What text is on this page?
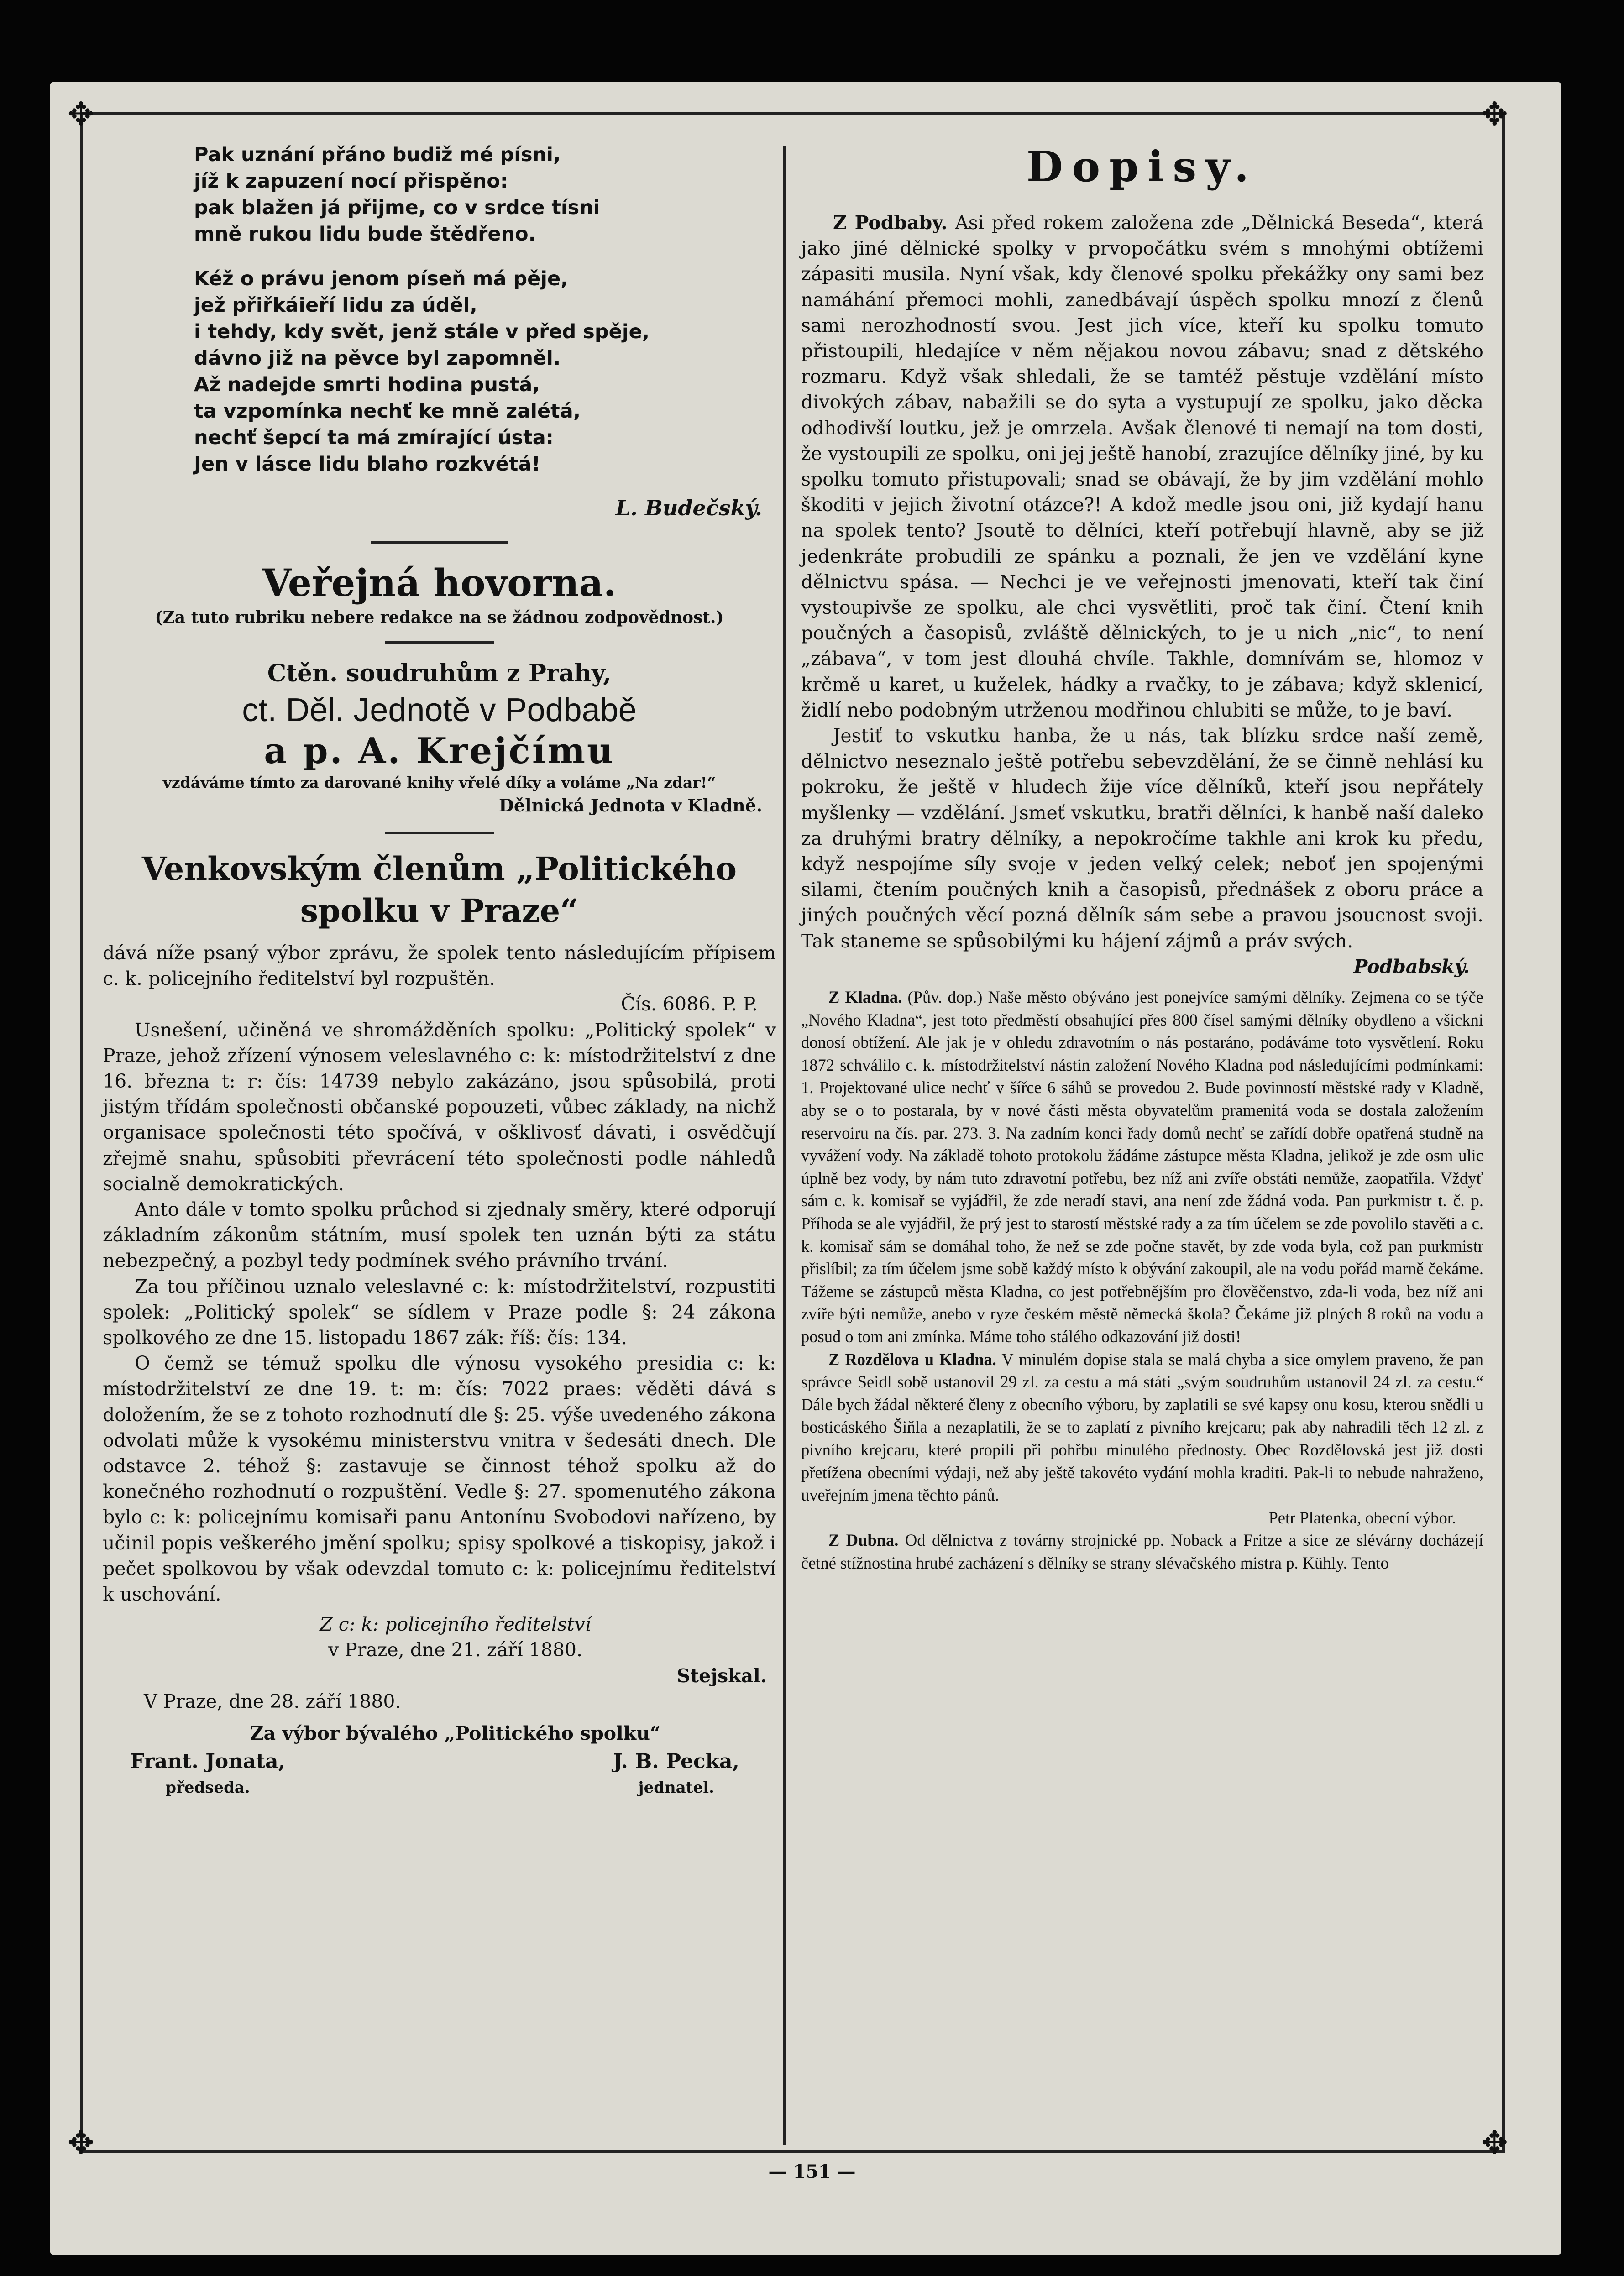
✥	✥
✥	✥

Pak uznání přáno budiž mé písni,

jíž k zapuzení nocí přispěno:

pak blažen já přijme, co v srdce tísni

mně rukou lidu bude štědřeno.

Kéž o právu jenom píseň má pěje,

jež přiřkáieří lidu za úděl,

i tehdy, kdy svět, jenž stále v před spěje,

dávno již na pěvce byl zapomněl.

Až nadejde smrti hodina pustá,

ta vzpomínka nechť ke mně zalétá,

nechť šepcí ta má zmírající ústa:

Jen v lásce lidu blaho rozkvétá!

L. Budečský.

Veřejná hovorna.

(Za tuto rubriku nebere redakce na se žádnou zodpovědnost.)

Ctěn. soudruhům z Prahy,

ct. Děl. Jednotě v Podbabě

a p. A. Krejčímu

vzdáváme tímto za darované knihy vřelé díky a voláme „Na zdar!“

Dělnická Jednota v Kladně.

Venkovským členům „Politického
spolku v Praze“

dává níže psaný výbor zprávu, že spolek tento následujícím přípisem c. k. policejního ředitelství byl rozpuštěn.

Čís. 6086. P. P.

Usnešení, učiněná ve shromážděních spolku: „Politický spolek“ v Praze, jehož zřízení výnosem veleslavného c: k: místodržitelství z dne 16. března t: r: čís: 14739 nebylo zakázáno, jsou spůsobilá, proti jistým třídám společnosti občanské popouzeti, vůbec základy, na nichž organisace společnosti této spočívá, v ošklivosť dávati, i osvědčují zřejmě snahu, spůsobiti převrácení této společnosti podle náhledů socialně demokratických.

Anto dále v tomto spolku průchod si zjednaly směry, které odporují základním zákonům státním, musí spolek ten uznán býti za státu nebezpečný, a pozbyl tedy podmínek svého právního trvání.

Za tou příčinou uznalo veleslavné c: k: místodržitelství, rozpustiti spolek: „Politický spolek“ se sídlem v Praze podle §: 24 zákona spolkového ze dne 15. listopadu 1867 zák: říš: čís: 134.

O čemž se témuž spolku dle výnosu vysokého presidia c: k: místodržitelství ze dne 19. t: m: čís: 7022 praes: věděti dává s doložením, že se z tohoto rozhodnutí dle §: 25. výše uvedeného zákona odvolati může k vysokému ministerstvu vnitra v šedesáti dnech. Dle odstavce 2. téhož §: zastavuje se činnost téhož spolku až do konečného rozhodnutí o rozpuštění. Vedle §: 27. spomenutého zákona bylo c: k: policejnímu komisaři panu Antonínu Svobodovi nařízeno, by učinil popis veškerého jmění spolku; spisy spolkové a tiskopisy, jakož i pečet spolkovou by však odevzdal tomuto c: k: policejnímu ředitelství k uschování.

Z c: k: policejního ředitelství

v Praze, dne 21. září 1880.

Stejskal.

V Praze, dne 28. září 1880.

Za výbor bývalého „Politického spolku“

Frant. Jonata,
předseda.
J. B. Pecka,
jednatel.
Dopisy.

Z Podbaby. Asi před rokem založena zde „Dělnická Beseda“, která jako jiné dělnické spolky v prvopočátku svém s mnohými obtížemi zápasiti musila. Nyní však, kdy členové spolku překážky ony sami bez namáhání přemoci mohli, zanedbávají úspěch spolku mnozí z členů sami nerozhodností svou. Jest jich více, kteří ku spolku tomuto přistoupili, hledajíce v něm nějakou novou zábavu; snad z dětského rozmaru. Když však shledali, že se tamtéž pěstuje vzdělání místo divokých zábav, nabažili se do syta a vystupují ze spolku, jako děcka odhodivší loutku, jež je omrzela. Avšak členové ti nemají na tom dosti, že vystoupili ze spolku, oni jej ještě hanobí, zrazujíce dělníky jiné, by ku spolku tomuto přistupovali; snad se obávají, že by jim vzdělání mohlo škoditi v jejich životní otázce?! A kdož medle jsou oni, již kydají hanu na spolek tento? Jsoutě to dělníci, kteří potřebují hlavně, aby se již jedenkráte probudili ze spánku a poznali, že jen ve vzdělání kyne dělnictvu spása. — Nechci je ve veřejnosti jmenovati, kteří tak činí vystoupivše ze spolku, ale chci vysvětliti, proč tak činí. Čtení knih poučných a časopisů, zvláště dělnických, to je u nich „nic“, to není „zábava“, v tom jest dlouhá chvíle. Takhle, domnívám se, hlomoz v krčmě u karet, u kuželek, hádky a rvačky, to je zábava; když sklenicí, židlí nebo podobným utrženou modřinou chlubiti se může, to je baví.

Jestiť to vskutku hanba, že u nás, tak blízku srdce naší země, dělnictvo neseznalo ještě potřebu sebevzdělání, že se činně nehlásí ku pokroku, že ještě v hludech žije více dělníků, kteří jsou nepřátely myšlenky — vzdělání. Jsmeť vskutku, bratři dělníci, k hanbě naší daleko za druhými bratry dělníky, a nepokročíme takhle ani krok ku předu, když nespojíme síly svoje v jeden velký celek; neboť jen spojenými silami, čtením poučných knih a časopisů, přednášek z oboru práce a jiných poučných věcí pozná dělník sám sebe a pravou jsoucnost svoji. Tak staneme se spůsobilými ku hájení zájmů a práv svých.

Podbabský.

Z Kladna. (Pův. dop.) Naše město obýváno jest ponejvíce samými dělníky. Zejmena co se týče „Nového Kladna“, jest toto předměstí obsahující přes 800 čísel samými dělníky obydleno a všickni donosí obtížení. Ale jak je v ohledu zdravotním o nás postaráno, podáváme toto vysvětlení. Roku 1872 schválilo c. k. místodržitelství nástin založení Nového Kladna pod následujícími podmínkami: 1. Projektované ulice nechť v šířce 6 sáhů se provedou 2. Bude povinností městské rady v Kladně, aby se o to postarala, by v nové části města obyvatelům pramenitá voda se dostala založením reservoiru na čís. par. 273. 3. Na zadním konci řady domů nechť se zařídí dobře opatřená studně na vyvážení vody. Na základě tohoto protokolu žádáme zástupce města Kladna, jelikož je zde osm ulic úplně bez vody, by nám tuto zdravotní potřebu, bez níž ani zvíře obstáti nemůže, zaopatřila. Vždyť sám c. k. komisař se vyjádřil, že zde neradí stavi, ana není zde žádná voda. Pan purkmistr t. č. p. Příhoda se ale vyjádřil, že prý jest to starostí městské rady a za tím účelem se zde povolilo stavěti a c. k. komisař sám se domáhal toho, že než se zde počne stavět, by zde voda byla, což pan purkmistr přislíbil; za tím účelem jsme sobě každý místo k obývání zakoupil, ale na vodu pořád marně čekáme. Tážeme se zástupců města Kladna, co jest potřebnějším pro člověčenstvo, zda-li voda, bez níž ani zvíře býti nemůže, anebo v ryze českém městě německá škola? Čekáme již plných 8 roků na vodu a posud o tom ani zmínka. Máme toho stálého odkazování již dosti!

Z Rozdělova u Kladna. V minulém dopise stala se malá chyba a sice omylem praveno, že pan správce Seidl sobě ustanovil 29 zl. za cestu a má státi „svým soudruhům ustanovil 24 zl. za cestu.“ Dále bych žádal některé členy z obecního výboru, by zaplatili se své kapsy onu kosu, kterou snědli u bosticáského Šiňla a nezaplatili, že se to zaplatí z pivního krejcaru; pak aby nahradili těch 12 zl. z pivního krejcaru, které propili při pohřbu minulého přednosty. Obec Rozdělovská jest již dosti přetížena obecními výdaji, než aby ještě takovéto vydání mohla kraditi. Pak-li to nebude nahraženo, uveřejním jmena těchto pánů.

Petr Platenka, obecní výbor.

Z Dubna. Od dělnictva z továrny strojnické pp. Noback a Fritze a sice ze slévárny docházejí četné stížnostina hrubé zacházení s dělníky se strany slévačského mistra p. Kühly. Tento

— 151 —
